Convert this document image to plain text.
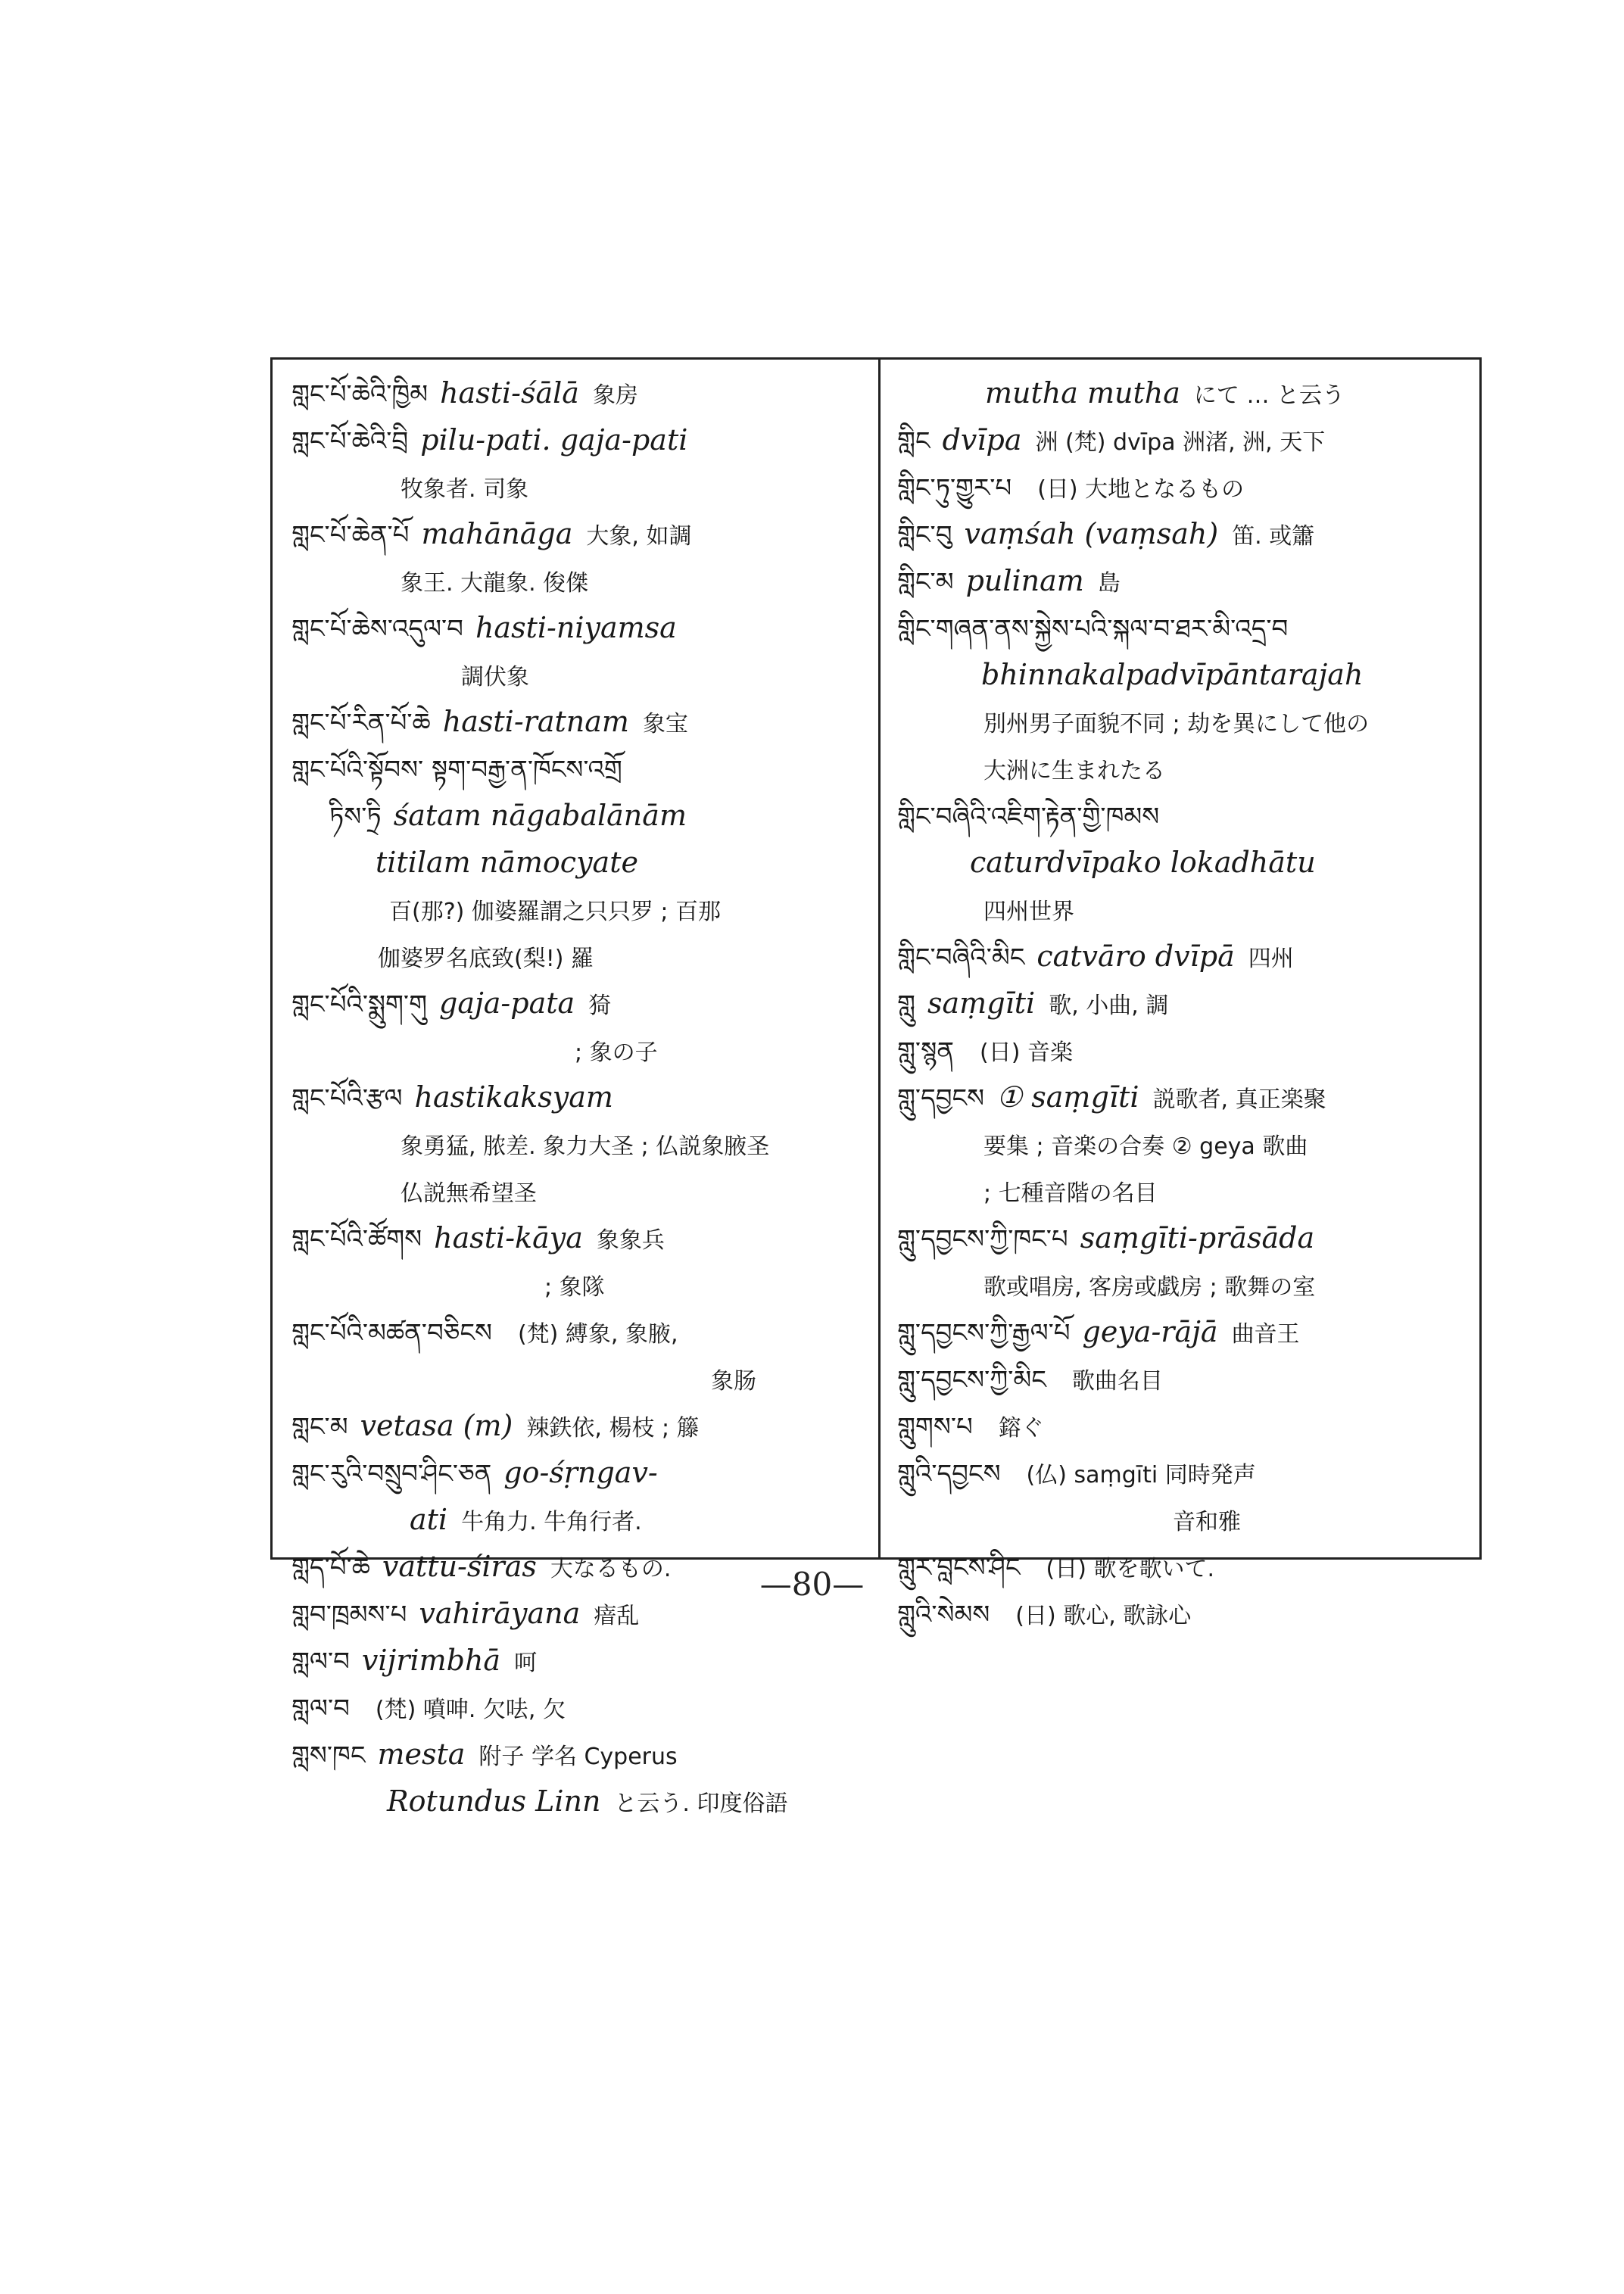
གླང་པོ་ཆེའི་ཁྱིམ hasti-śālā 象房
གླང་པོ་ཆེའི་བྲི pilu-pati. gaja-pati
牧象者. 司象
གླང་པོ་ཆེན་པོ mahānāga 大象, 如調
象王. 大龍象. 俊傑
གླང་པོ་ཆེས་འདུལ་བ hasti-niyamsa
調伏象
གླང་པོ་རིན་པོ་ཆེ hasti-ratnam 象宝
གླང་པོའི་སྟོབས་ སྟག་བརྒྱ་ན་ཁོངས་འགྲོ
ཏིས་ཏྲི śatam nāgabalānām
titilam nāmocyate
百(那?) 伽婆羅謂之只只罗 ; 百那
伽婆罗名底致(梨!) 羅
གླང་པོའི་སྨུག་གུ gaja-pata 猗
; 象の子
གླང་པོའི་རྩལ hastikaksyam
象勇猛, 脓差. 象力大圣 ; 仏説象腋圣
仏説無希望圣
གླང་པོའི་ཚོགས hasti-kāya 象象兵
; 象隊
གླང་པོའི་མཚན་བཅིངས (梵) 縛象, 象腋,
象肠
གླང་མ vetasa (m) 辣鉄依, 楊枝 ; 籐
གླང་རུའི་བསྲུབ་ཤིང་ཅན go-śṛngav-
ati 牛角力. 牛角行者.
གླད་པོ་ཆེ vattu-śiras 大なるもの.
གླབ་ཁྲམས་པ vahirāyana 瘖乱
གླལ་བ vijrimbhā 呵
གླལ་བ (梵) 噴呻. 欠呿, 欠
གླས་ཁང mesta 附子 学名 Cyperus
Rotundus Linn と云う. 印度俗語
mutha mutha にて … と云う
གླིང dvīpa 洲 (梵) dvīpa 洲渚, 洲, 天下
གླིང་ཏུ་གྱུར་པ (日) 大地となるもの
གླིང་བུ vaṃśah (vaṃsah) 笛. 或簫
གླིང་མ pulinam 島
གླིང་གཞན་ནས་སྐྱེས་པའི་སྐལ་བ་ཐར་མི་འདྲ་བ
bhinnakalpadvīpāntarajah
別州男子面貌不同 ; 劫を異にして他の
大洲に生まれたる
གླིང་བཞིའི་འཇིག་རྟེན་གྱི་ཁམས
caturdvīpako lokadhātu
四州世界
གླིང་བཞིའི་མིང catvāro dvīpā 四州
གླུ saṃgīti 歌, 小曲, 調
གླུ་སྙན (日) 音楽
གླུ་དབྱངས ① saṃgīti 説歌者, 真正楽聚
要集 ; 音楽の合奏 ② geya 歌曲
; 七種音階の名目
གླུ་དབྱངས་ཀྱི་ཁང་པ saṃgīti-prāsāda
歌或唱房, 客房或戯房 ; 歌舞の室
གླུ་དབྱངས་ཀྱི་རྒྱལ་པོ geya-rājā 曲音王
གླུ་དབྱངས་ཀྱི་མིང 歌曲名目
གླུགས་པ 鎔ぐ
གླུའི་དབྱངས (仏) saṃgīti 同時発声
音和雅
གླུར་བླངས་ཤིང (日) 歌を歌いて.
གླུའི་སེམས (日) 歌心, 歌詠心
—80—
